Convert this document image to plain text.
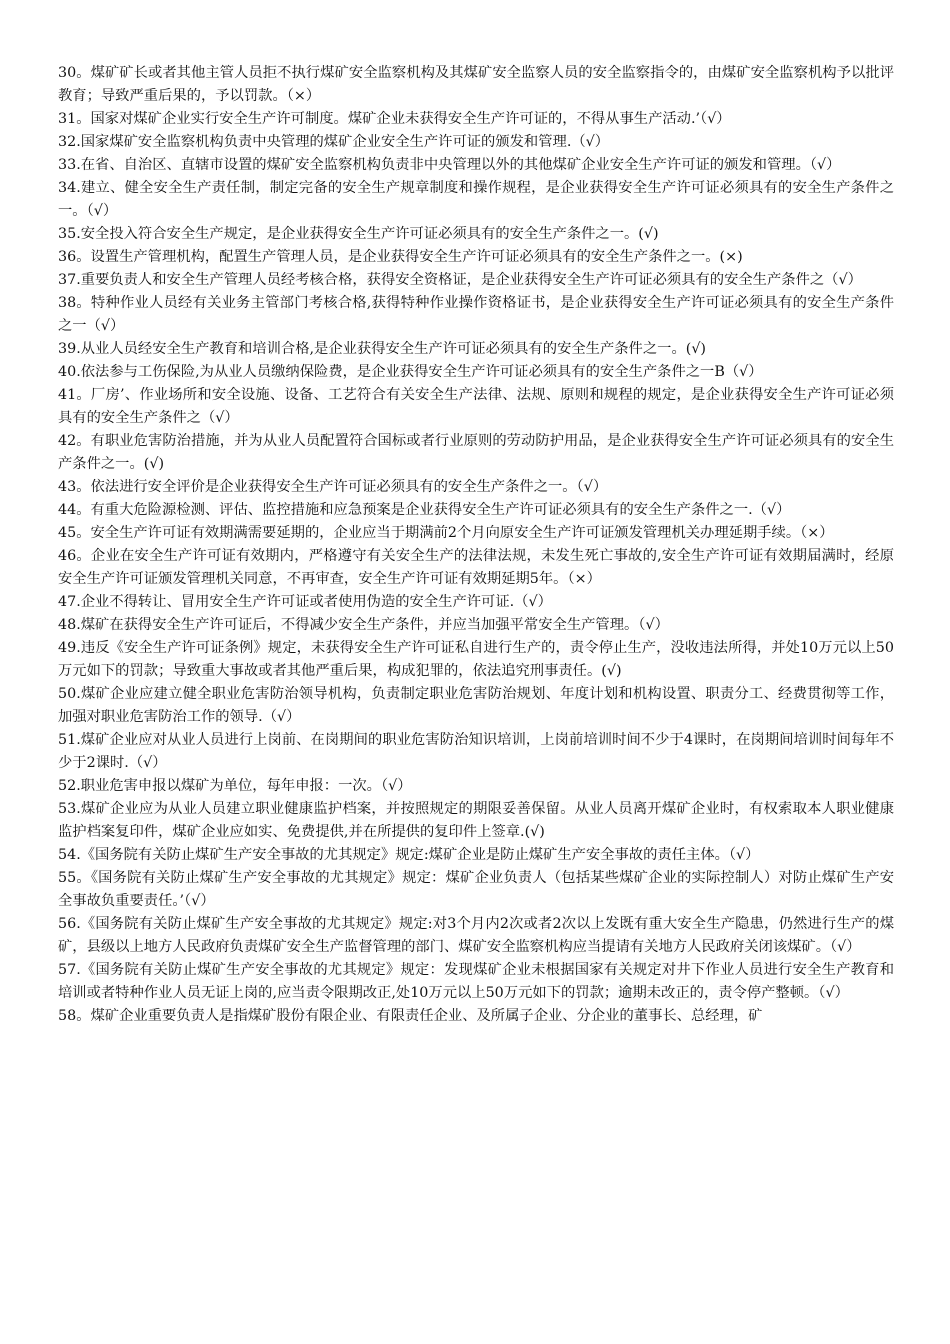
30。煤矿矿长或者其他主管人员拒不执行煤矿安全监察机构及其煤矿安全监察人员的安全监察指令的，由煤矿安全监察机构予以批评教育；导致严重后果的，予以罚款。（×）

31。国家对煤矿企业实行安全生产许可制度。煤矿企业未获得安全生产许可证的，不得从事生产活动.’（√）

32.国家煤矿安全监察机构负责中央管理的煤矿企业安全生产许可证的颁发和管理.（√）

33.在省、自治区、直辖市设置的煤矿安全监察机构负责非中央管理以外的其他煤矿企业安全生产许可证的颁发和管理。（√）

34.建立、健全安全生产责任制，制定完备的安全生产规章制度和操作规程，是企业获得安全生产许可证必须具有的安全生产条件之一。（√）

35.安全投入符合安全生产规定，是企业获得安全生产许可证必须具有的安全生产条件之一。(√)

36。设置生产管理机构，配置生产管理人员，是企业获得安全生产许可证必须具有的安全生产条件之一。(×)

37.重要负责人和安全生产管理人员经考核合格，获得安全资格证，是企业获得安全生产许可证必须具有的安全生产条件之（√）

38。特种作业人员经有关业务主管部门考核合格,获得特种作业操作资格证书，是企业获得安全生产许可证必须具有的安全生产条件之一（√）

39.从业人员经安全生产教育和培训合格,是企业获得安全生产许可证必须具有的安全生产条件之一。(√)

40.依法参与工伤保险,为从业人员缴纳保险费，是企业获得安全生产许可证必须具有的安全生产条件之一B（√）

41。厂房’、作业场所和安全设施、设备、工艺符合有关安全生产法律、法规、原则和规程的规定，是企业获得安全生产许可证必须具有的安全生产条件之（√）

42。有职业危害防治措施，并为从业人员配置符合国标或者行业原则的劳动防护用品，是企业获得安全生产许可证必须具有的安全生产条件之一。(√)

43。依法进行安全评价是企业获得安全生产许可证必须具有的安全生产条件之一。（√）

44。有重大危险源检测、评估、监控措施和应急预案是企业获得安全生产许可证必须具有的安全生产条件之一.（√）

45。安全生产许可证有效期满需要延期的，企业应当于期满前2个月向原安全生产许可证颁发管理机关办理延期手续。（×）

46。企业在安全生产许可证有效期内，严格遵守有关安全生产的法律法规，未发生死亡事故的,安全生产许可证有效期届满时，经原安全生产许可证颁发管理机关同意，不再审查，安全生产许可证有效期延期5年。（×）

47.企业不得转让、冒用安全生产许可证或者使用伪造的安全生产许可证.（√）

48.煤矿在获得安全生产许可证后，不得减少安全生产条件，并应当加强平常安全生产管理。（√）

49.违反《安全生产许可证条例》规定，未获得安全生产许可证私自进行生产的，责令停止生产，没收违法所得，并处10万元以上50万元如下的罚款；导致重大事故或者其他严重后果，构成犯罪的，依法追究刑事责任。(√)

50.煤矿企业应建立健全职业危害防治领导机构，负责制定职业危害防治规划、年度计划和机构设置、职责分工、经费贯彻等工作，加强对职业危害防治工作的领导.（√）

51.煤矿企业应对从业人员进行上岗前、在岗期间的职业危害防治知识培训，上岗前培训时间不少于4课时，在岗期间培训时间每年不少于2课时.（√）

52.职业危害申报以煤矿为单位，每年申报：一次。（√）

53.煤矿企业应为从业人员建立职业健康监护档案，并按照规定的期限妥善保留。从业人员离开煤矿企业时，有权索取本人职业健康监护档案复印件，煤矿企业应如实、免费提供,并在所提供的复印件上签章.(√)

54.《国务院有关防止煤矿生产安全事故的尤其规定》规定:煤矿企业是防止煤矿生产安全事故的责任主体。（√）

55。《国务院有关防止煤矿生产安全事故的尤其规定》规定：煤矿企业负责人（包括某些煤矿企业的实际控制人）对防止煤矿生产安全事故负重要责任。’（√）

56.《国务院有关防止煤矿生产安全事故的尤其规定》规定:对3个月内2次或者2次以上发既有重大安全生产隐患，仍然进行生产的煤矿，县级以上地方人民政府负责煤矿安全生产监督管理的部门、煤矿安全监察机构应当提请有关地方人民政府关闭该煤矿。（√）

57.《国务院有关防止煤矿生产安全事故的尤其规定》规定：发现煤矿企业未根据国家有关规定对井下作业人员进行安全生产教育和培训或者特种作业人员无证上岗的,应当责令限期改正,处10万元以上50万元如下的罚款；逾期未改正的，责令停产整顿。（√）

58。煤矿企业重要负责人是指煤矿股份有限企业、有限责任企业、及所属子企业、分企业的董事长、总经理，矿
